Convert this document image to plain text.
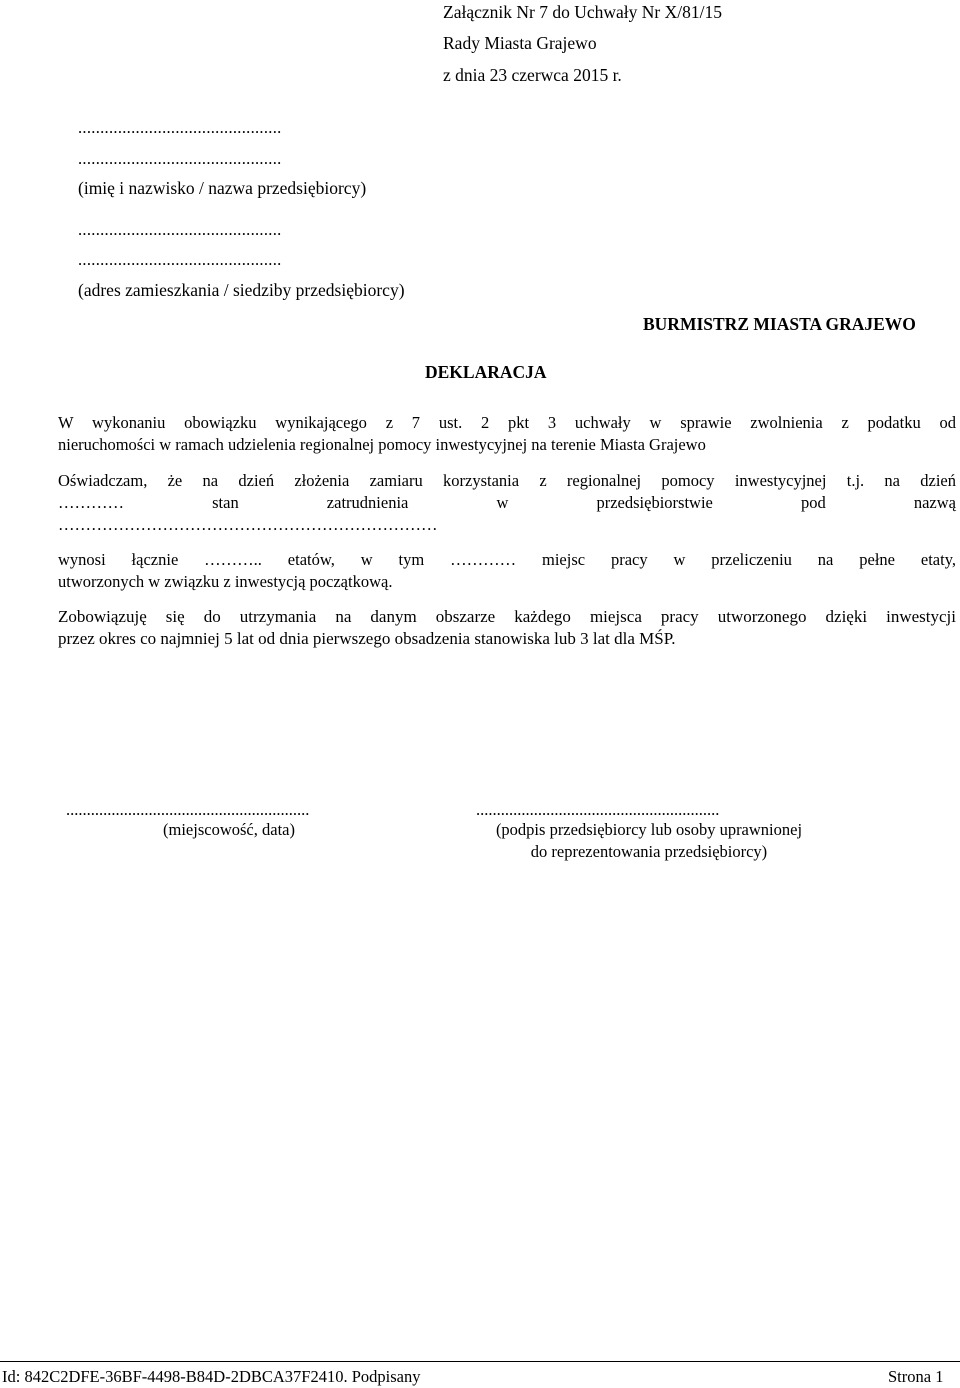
Załącznik Nr 7 do Uchwały Nr X/81/15
Rady Miasta Grajewo
z dnia 23 czerwca 2015 r.
..............................................
..............................................
(imię i nazwisko / nazwa przedsiębiorcy)
..............................................
..............................................
(adres zamieszkania / siedziby przedsiębiorcy)
BURMISTRZ MIASTA GRAJEWO
DEKLARACJA
W wykonaniu obowiązku wynikającego z 7 ust. 2 pkt 3 uchwały w sprawie zwolnienia z podatku od
nieruchomości w ramach udzielenia regionalnej pomocy inwestycyjnej na terenie Miasta Grajewo
Oświadczam, że na dzień złożenia zamiaru korzystania z regionalnej pomocy inwestycyjnej t.j. na dzień
………… stan zatrudnienia w przedsiębiorstwie pod nazwą
……………………………………………………………
wynosi łącznie ……….. etatów, w tym ………… miejsc pracy w przeliczeniu na pełne etaty,
utworzonych w związku z inwestycją początkową.
Zobowiązuję się do utrzymania na danym obszarze każdego miejsca pracy utworzonego dzięki inwestycji
przez okres co najmniej 5 lat od dnia pierwszego obsadzenia stanowiska lub 3 lat dla MŚP.
...........................................................
(miejscowość, data)
...........................................................
(podpis przedsiębiorcy lub osoby uprawnionej
do reprezentowania przedsiębiorcy)
Id: 842C2DFE-36BF-4498-B84D-2DBCA37F2410. Podpisany	Strona 1
